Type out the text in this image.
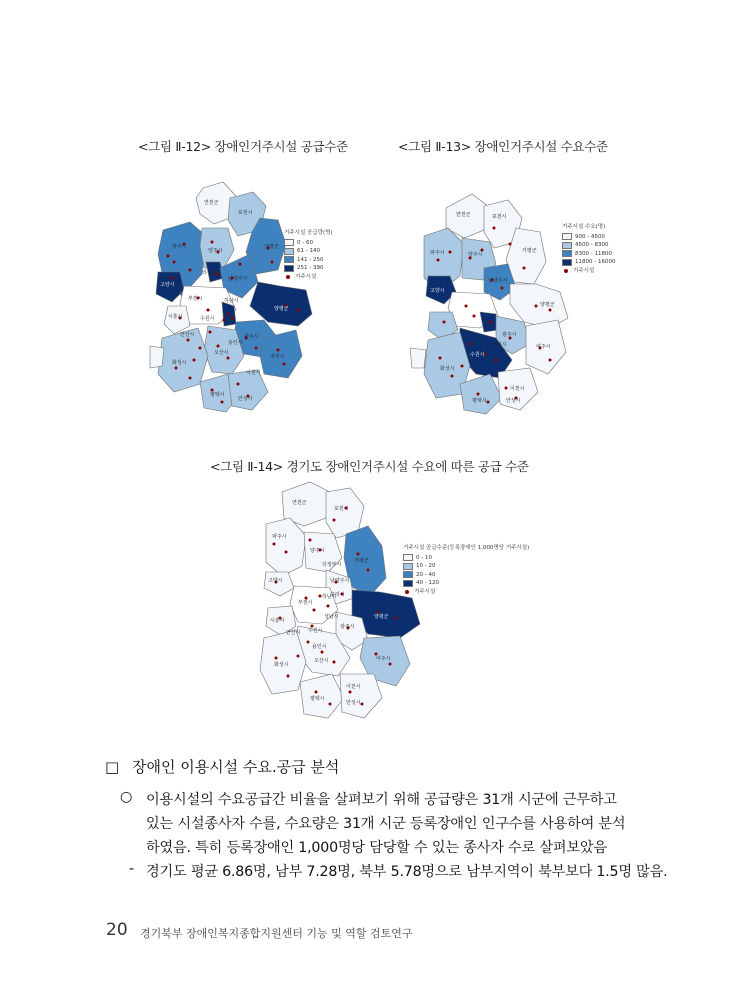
<그림 Ⅱ-12> 장애인거주시설 공급수준	<그림 Ⅱ-13> 장애인거주시설 수요수준
<그림 Ⅱ-14> 경기도 장애인거주시설 수요에 따른 공급 수준
연천군
포천시
가평군
파주시
양주시
고양시
의정부시
남양주시
양평군
하남시
광주시
여주시
이천시
화성시
오산시
평택시
안성시
시흥시
부천시
용인시
안산시
수원시
거주시설 공급량(명)
0 - 60
61 - 140
141 - 250
251 - 390
거주시설
연천군	포천시
가평군
파주시	양주시
고양시
남양주시
양평군
광주시
여주시
이천시
화성시
평택시	안성시
용인시
수원시
거주시설 수요(명)
900 - 4500
4500 - 8300
8300 - 11800
11800 - 16000
거주시설
연천군
포천시
가평군
파주시
양주시
고양시
의정부시
남양주시
양평군
하남시
구리시
광주시
여주시
이천시
화성시
오산시
평택시
안성시
부천시
시흥시
용인시
안산시 수원시
성남시
거주시설 공급수준(등록장애인 1,000명당 거주시설)
0 - 10
10 - 20
20 - 40
40 - 120
거주시설
□ 장애인 이용시설 수요.공급 분석
○ 이용시설의 수요공급간 비율을 살펴보기 위해 공급량은 31개 시군에 근무하고
있는 시설종사자 수를, 수요량은 31개 시군 등록장애인 인구수를 사용하여 분석
하였음. 특히 등록장애인 1,000명당 담당할 수 있는 종사자 수로 살펴보았음
- 경기도 평균 6.86명, 남부 7.28명, 북부 5.78명으로 남부지역이 북부보다 1.5명 많음.
20 경기북부 장애인복지종합지원센터 기능 및 역할 검토연구
